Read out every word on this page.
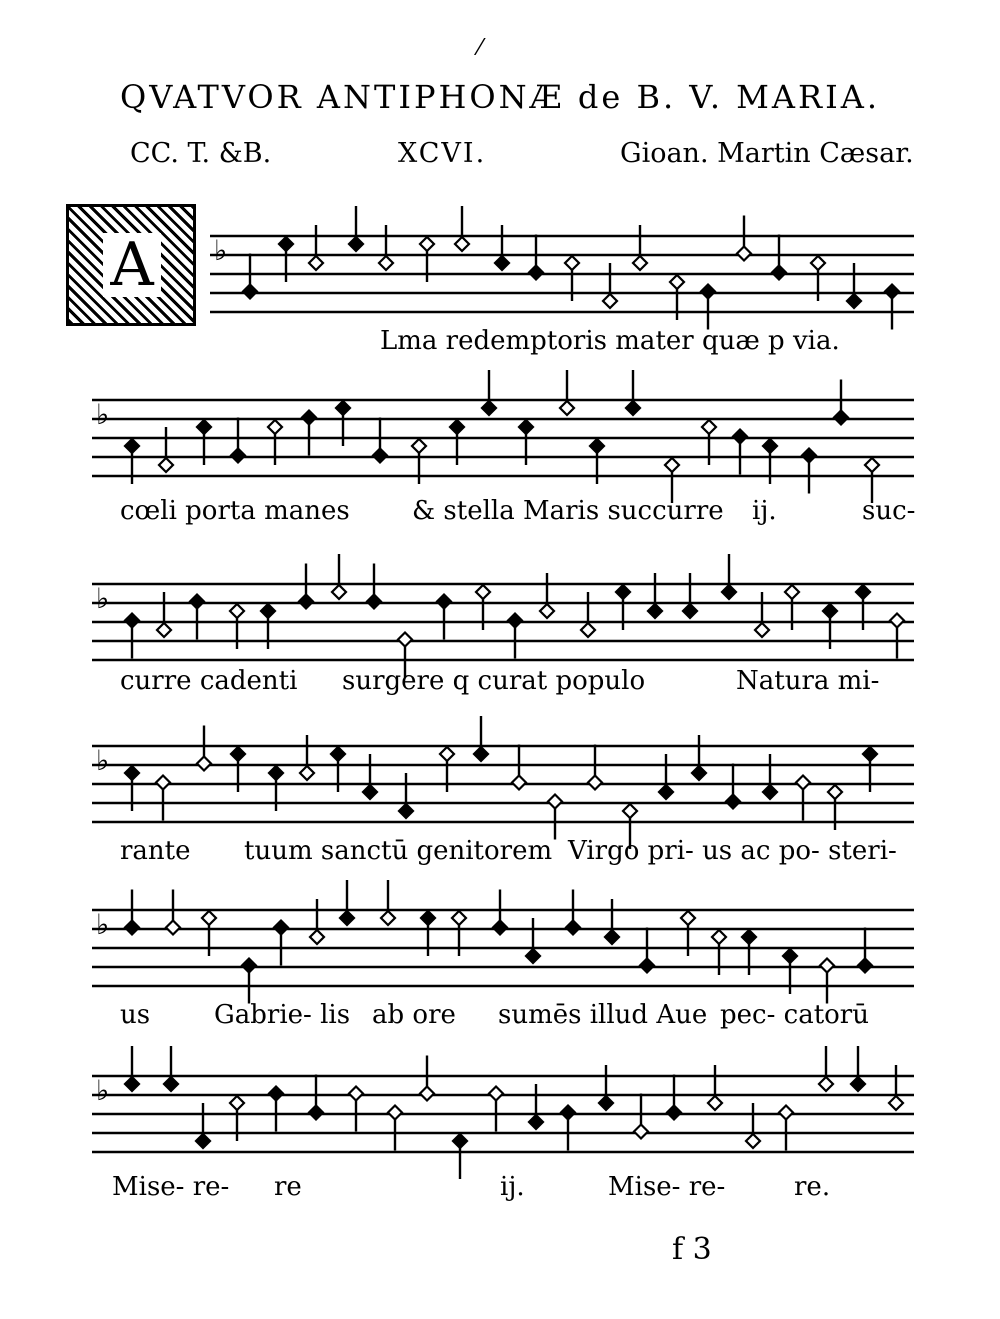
⁄
QVATVOR ANTIPHONÆ de B. V. MARIA.
CC. T. &B.	XCVI.	Gioan. Martin Cæsar.
A ♭
♭
♭
♭
♭
♭
Lma redemptoris mater quæ p via.
cœli porta manes & stella Maris succurre ij.	suc-
curre cadenti surgere q curat populo	Natura mi-
rante tuum sanctū genitorem Virgo pri- us ac po- steri-
us Gabrie- lis ab ore sumēs illud Aue pec- catorū
Mise- re- re	ij.	Mise- re-	re.
f 3
